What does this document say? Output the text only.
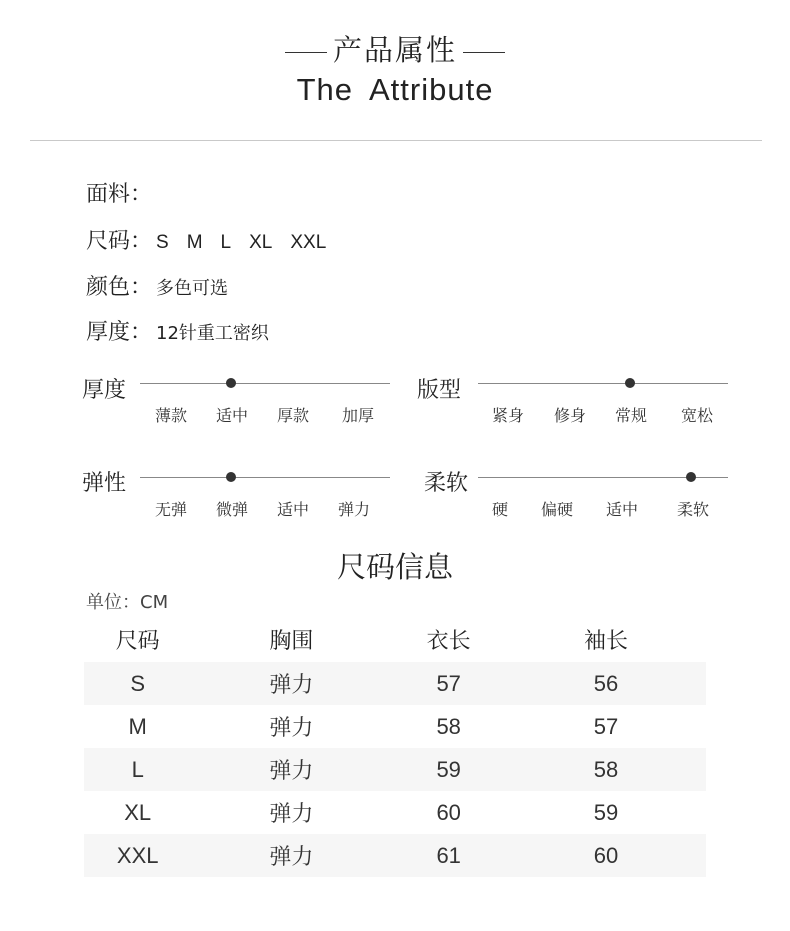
产品属性
The Attribute
面料：
尺码： S M L XL XXL
颜色： 多色可选
厚度： 12针重工密织
厚度
薄款	适中	厚款	加厚
版型
紧身	修身	常规	宽松
弹性
无弹	微弹	适中	弹力
柔软
硬	偏硬	适中	柔软
尺码信息
单位：CM
尺码	胸围	衣长	袖长
S	弹力	57	56
M	弹力	58	57
L	弹力	59	58
XL	弹力	60	59
XXL	弹力	61	60
